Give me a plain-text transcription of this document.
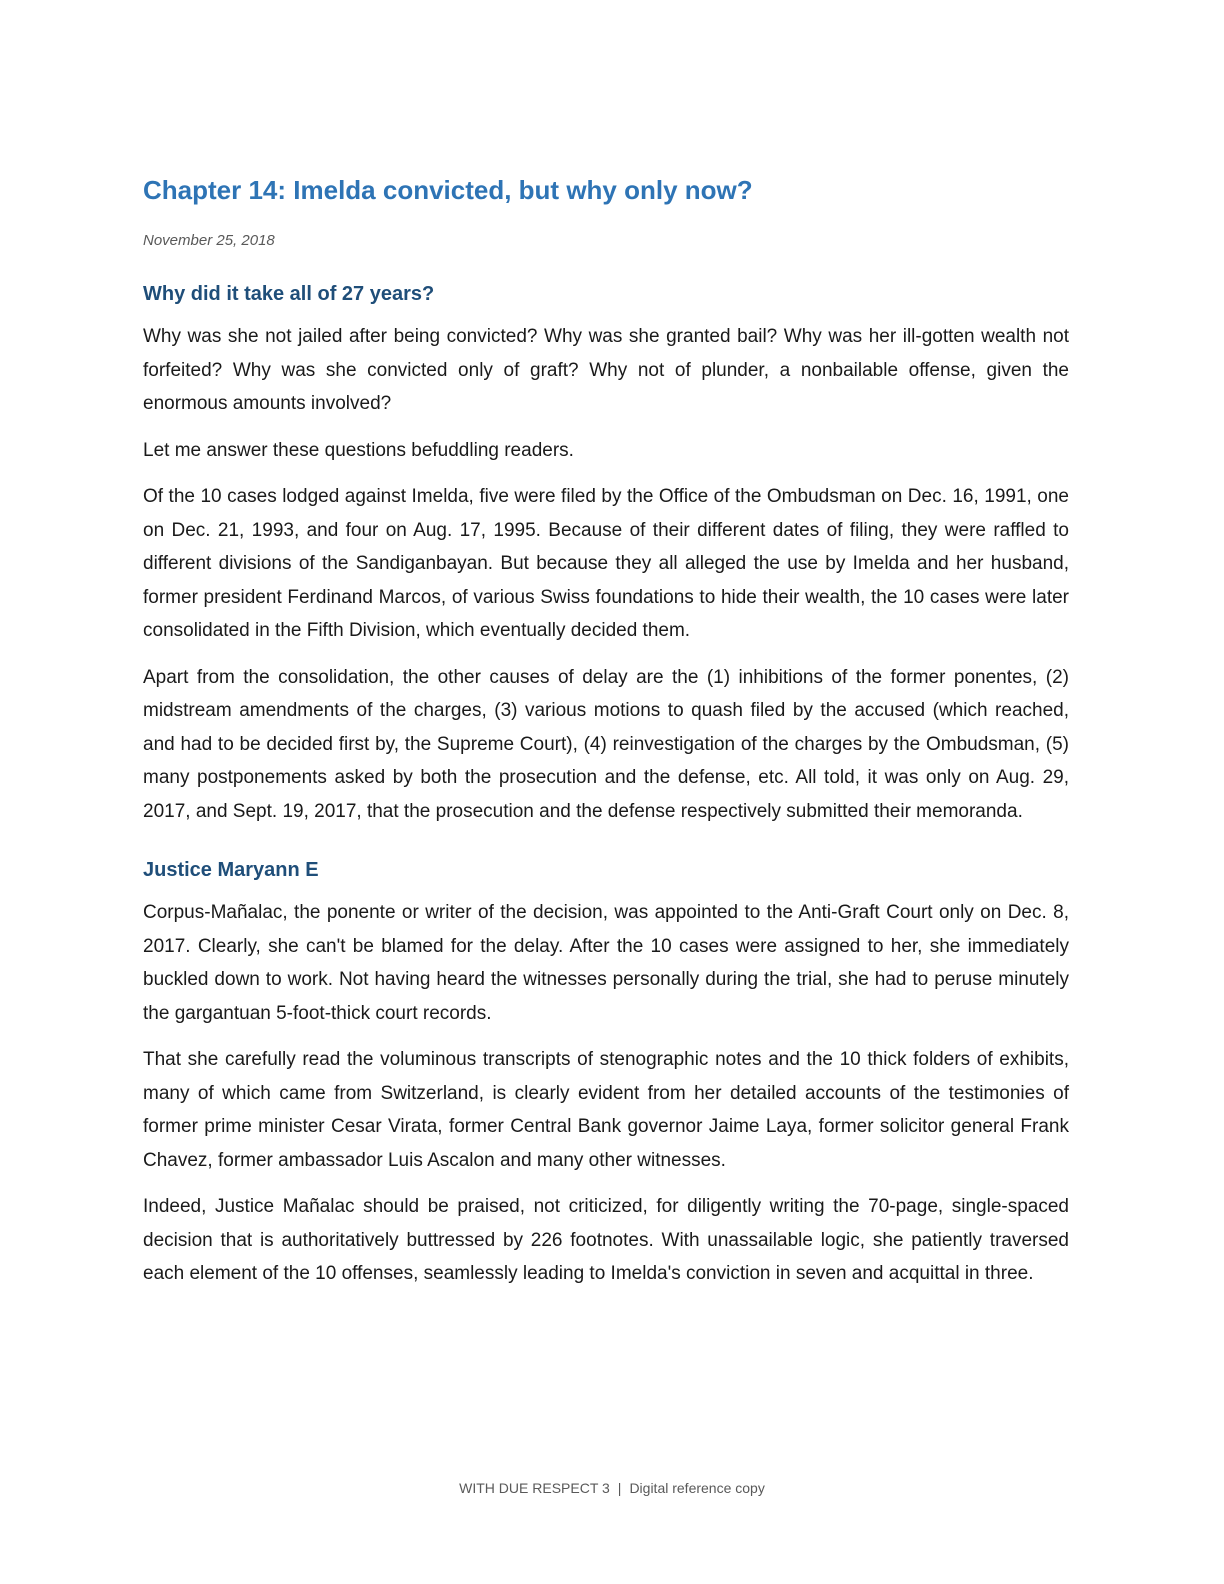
Chapter 14: Imelda convicted, but why only now?
November 25, 2018
Why did it take all of 27 years?

Why was she not jailed after being convicted? Why was she granted bail? Why was her ill-gotten wealth not forfeited? Why was she convicted only of graft? Why not of plunder, a nonbailable offense, given the enormous amounts involved?

Let me answer these questions befuddling readers.

Of the 10 cases lodged against Imelda, five were filed by the Office of the Ombudsman on Dec. 16, 1991, one on Dec. 21, 1993, and four on Aug. 17, 1995. Because of their different dates of filing, they were raffled to different divisions of the Sandiganbayan. But because they all alleged the use by Imelda and her husband, former president Ferdinand Marcos, of various Swiss foundations to hide their wealth, the 10 cases were later consolidated in the Fifth Division, which eventually decided them.

Apart from the consolidation, the other causes of delay are the (1) inhibitions of the former ponentes, (2) midstream amendments of the charges, (3) various motions to quash filed by the accused (which reached, and had to be decided first by, the Supreme Court), (4) reinvestigation of the charges by the Ombudsman, (5) many postponements asked by both the prosecution and the defense, etc. All told, it was only on Aug. 29, 2017, and Sept. 19, 2017, that the prosecution and the defense respectively submitted their memoranda.

Justice Maryann E

Corpus-Mañalac, the ponente or writer of the decision, was appointed to the Anti-Graft Court only on Dec. 8, 2017. Clearly, she can't be blamed for the delay. After the 10 cases were assigned to her, she immediately buckled down to work. Not having heard the witnesses personally during the trial, she had to peruse minutely the gargantuan 5-foot-thick court records.

That she carefully read the voluminous transcripts of stenographic notes and the 10 thick folders of exhibits, many of which came from Switzerland, is clearly evident from her detailed accounts of the testimonies of former prime minister Cesar Virata, former Central Bank governor Jaime Laya, former solicitor general Frank Chavez, former ambassador Luis Ascalon and many other witnesses.

Indeed, Justice Mañalac should be praised, not criticized, for diligently writing the 70-page, single-spaced decision that is authoritatively buttressed by 226 footnotes. With unassailable logic, she patiently traversed each element of the 10 offenses, seamlessly leading to Imelda's conviction in seven and acquittal in three.

WITH DUE RESPECT 3 | Digital reference copy
